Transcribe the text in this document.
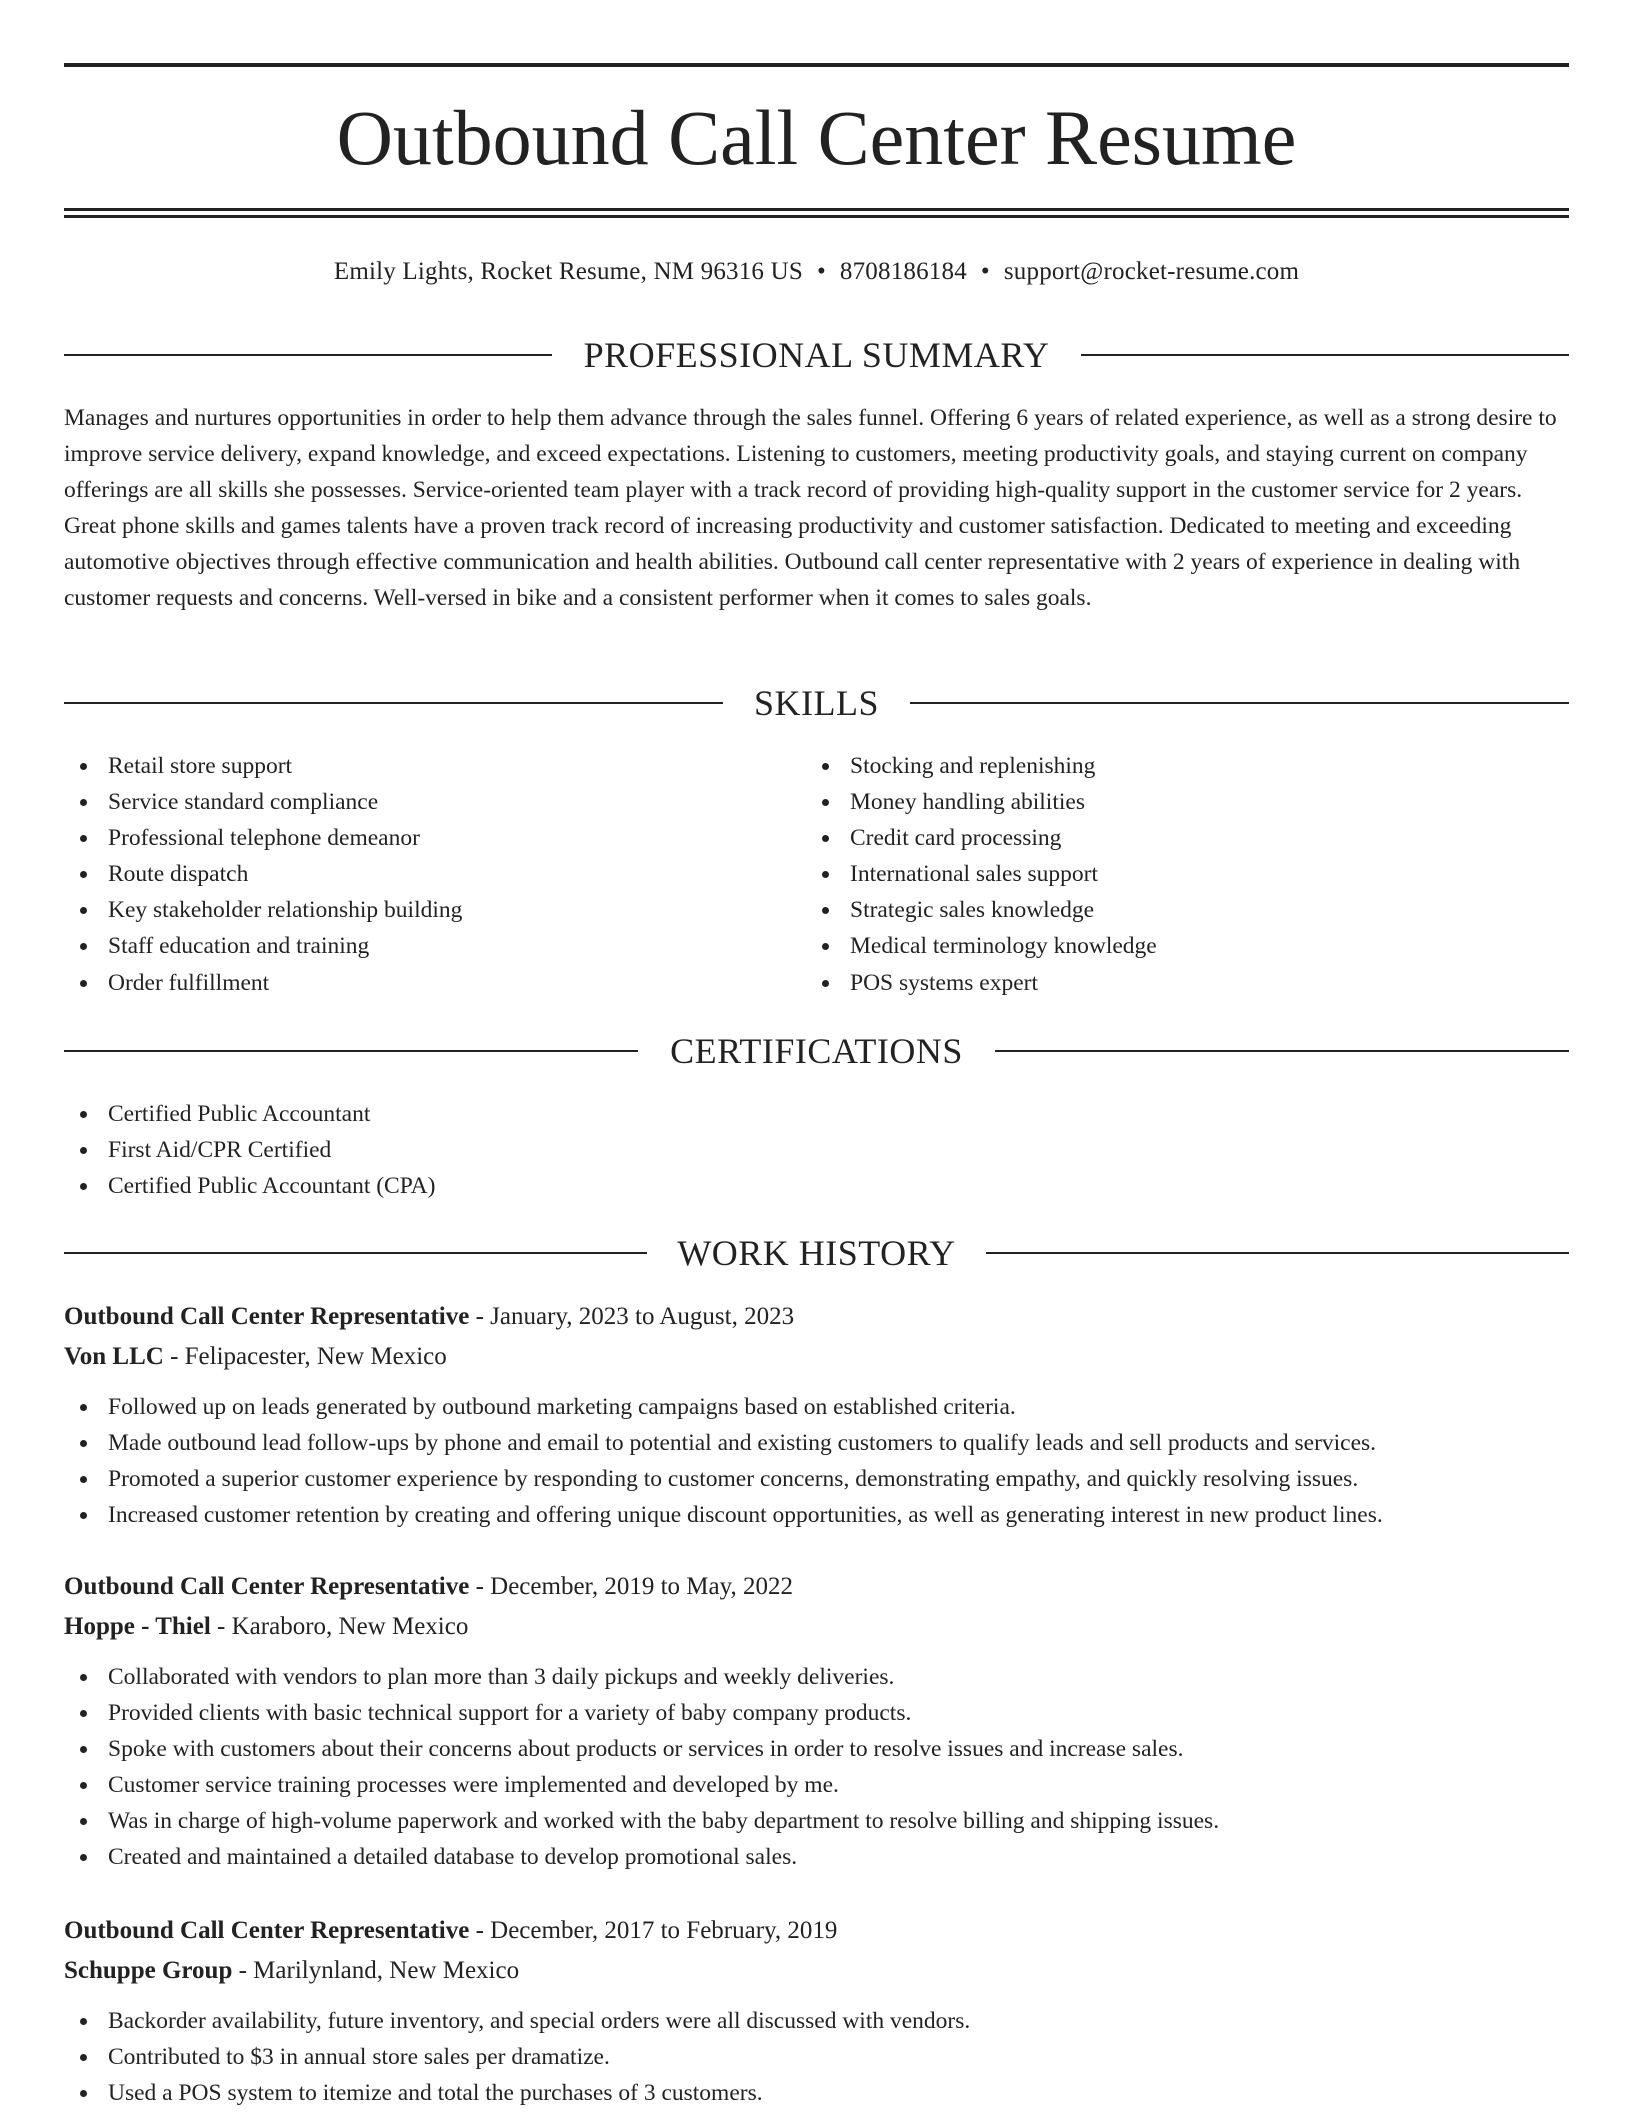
Outbound Call Center Resume
Emily Lights, Rocket Resume, NM 96316 US • 8708186184 • support@rocket-resume.com
PROFESSIONAL SUMMARY

Manages and nurtures opportunities in order to help them advance through the sales funnel. Offering 6 years of related experience, as well as a strong desire to improve service delivery, expand knowledge, and exceed expectations. Listening to customers, meeting productivity goals, and staying current on company offerings are all skills she possesses. Service-oriented team player with a track record of providing high-quality support in the customer service for 2 years. Great phone skills and games talents have a proven track record of increasing productivity and customer satisfaction. Dedicated to meeting and exceeding automotive objectives through effective communication and health abilities. Outbound call center representative with 2 years of experience in dealing with customer requests and concerns. Well-versed in bike and a consistent performer when it comes to sales goals.

SKILLS
Retail store support
Service standard compliance
Professional telephone demeanor
Route dispatch
Key stakeholder relationship building
Staff education and training
Order fulfillment
Stocking and replenishing
Money handling abilities
Credit card processing
International sales support
Strategic sales knowledge
Medical terminology knowledge
POS systems expert
CERTIFICATIONS
Certified Public Accountant
First Aid/CPR Certified
Certified Public Accountant (CPA)
WORK HISTORY
Outbound Call Center Representative - January, 2023 to August, 2023
Von LLC - Felipacester, New Mexico
Followed up on leads generated by outbound marketing campaigns based on established criteria.
Made outbound lead follow-ups by phone and email to potential and existing customers to qualify leads and sell products and services.
Promoted a superior customer experience by responding to customer concerns, demonstrating empathy, and quickly resolving issues.
Increased customer retention by creating and offering unique discount opportunities, as well as generating interest in new product lines.
Outbound Call Center Representative - December, 2019 to May, 2022
Hoppe - Thiel - Karaboro, New Mexico
Collaborated with vendors to plan more than 3 daily pickups and weekly deliveries.
Provided clients with basic technical support for a variety of baby company products.
Spoke with customers about their concerns about products or services in order to resolve issues and increase sales.
Customer service training processes were implemented and developed by me.
Was in charge of high-volume paperwork and worked with the baby department to resolve billing and shipping issues.
Created and maintained a detailed database to develop promotional sales.
Outbound Call Center Representative - December, 2017 to February, 2019
Schuppe Group - Marilynland, New Mexico
Backorder availability, future inventory, and special orders were all discussed with vendors.
Contributed to $3 in annual store sales per dramatize.
Used a POS system to itemize and total the purchases of 3 customers.
